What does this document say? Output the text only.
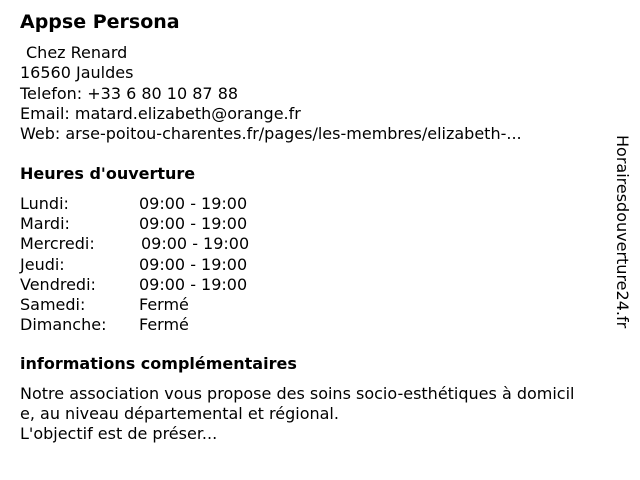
Appse Persona
Chez Renard
16560 Jauldes
Telefon: +33 6 80 10 87 88
Email: matard.elizabeth@orange.fr
Web: arse-poitou-charentes.fr/pages/les-membres/elizabeth-...
Heures d'ouverture
Lundi:	09:00 - 19:00
Mardi:	09:00 - 19:00
Mercredi:	09:00 - 19:00
Jeudi:	09:00 - 19:00
Vendredi:	09:00 - 19:00
Samedi:	Fermé
Dimanche: Fermé
informations complémentaires
Notre association vous propose des soins socio-esthétiques à domicil
e, au niveau départemental et régional.
L'objectif est de préser...
Horairesdouverture24.fr
